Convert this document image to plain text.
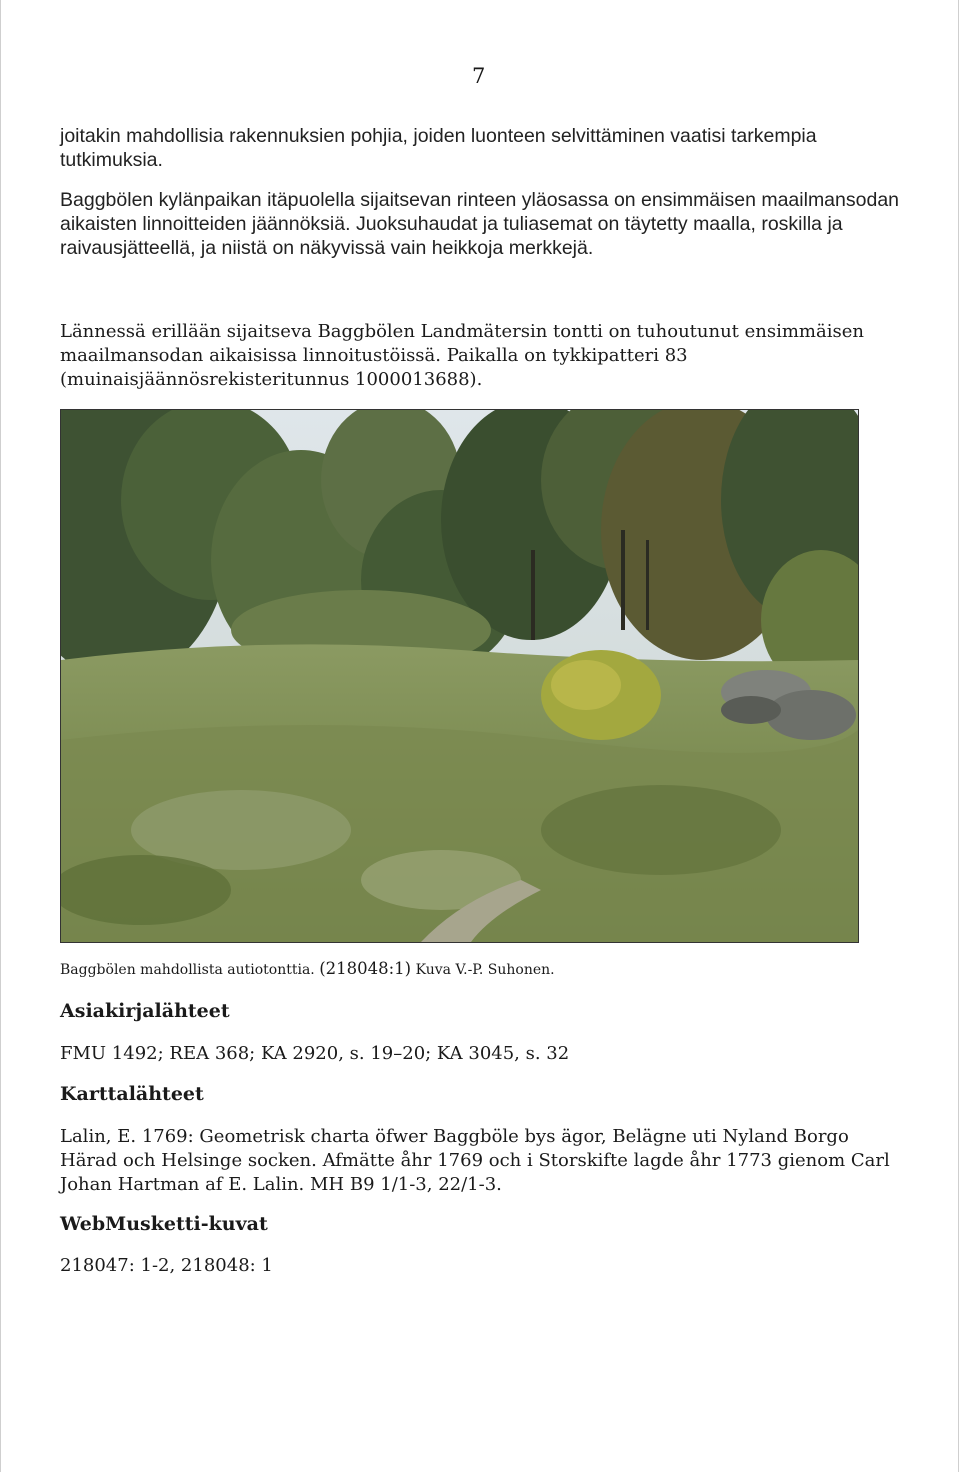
7

joitakin mahdollisia rakennuksien pohjia, joiden luonteen selvittäminen vaatisi tarkempia tutkimuksia.

Baggbölen kylänpaikan itäpuolella sijaitsevan rinteen yläosassa on ensimmäisen maailmansodan aikaisten linnoitteiden jäännöksiä. Juoksuhaudat ja tuliasemat on täytetty maalla, roskilla ja raivausjätteellä, ja niistä on näkyvissä vain heikkoja merkkejä.

Lännessä erillään sijaitseva Baggbölen Landmätersin tontti on tuhoutunut ensimmäisen maailmansodan aikaisissa linnoitustöissä. Paikalla on tykkipatteri 83 (muinaisjäännösrekisteritunnus 1000013688).

Baggbölen mahdollista autiotonttia. (218048:1) Kuva V.-P. Suhonen.
Asiakirjalähteet

FMU 1492; REA 368; KA 2920, s. 19–20; KA 3045, s. 32

Karttalähteet

Lalin, E. 1769: Geometrisk charta öfwer Baggböle bys ägor, Belägne uti Nyland Borgo Härad och Helsinge socken. Afmätte åhr 1769 och i Storskifte lagde åhr 1773 gienom Carl Johan Hartman af E. Lalin. MH B9 1/1-3, 22/1-3.

WebMusketti-kuvat

218047: 1-2, 218048: 1
